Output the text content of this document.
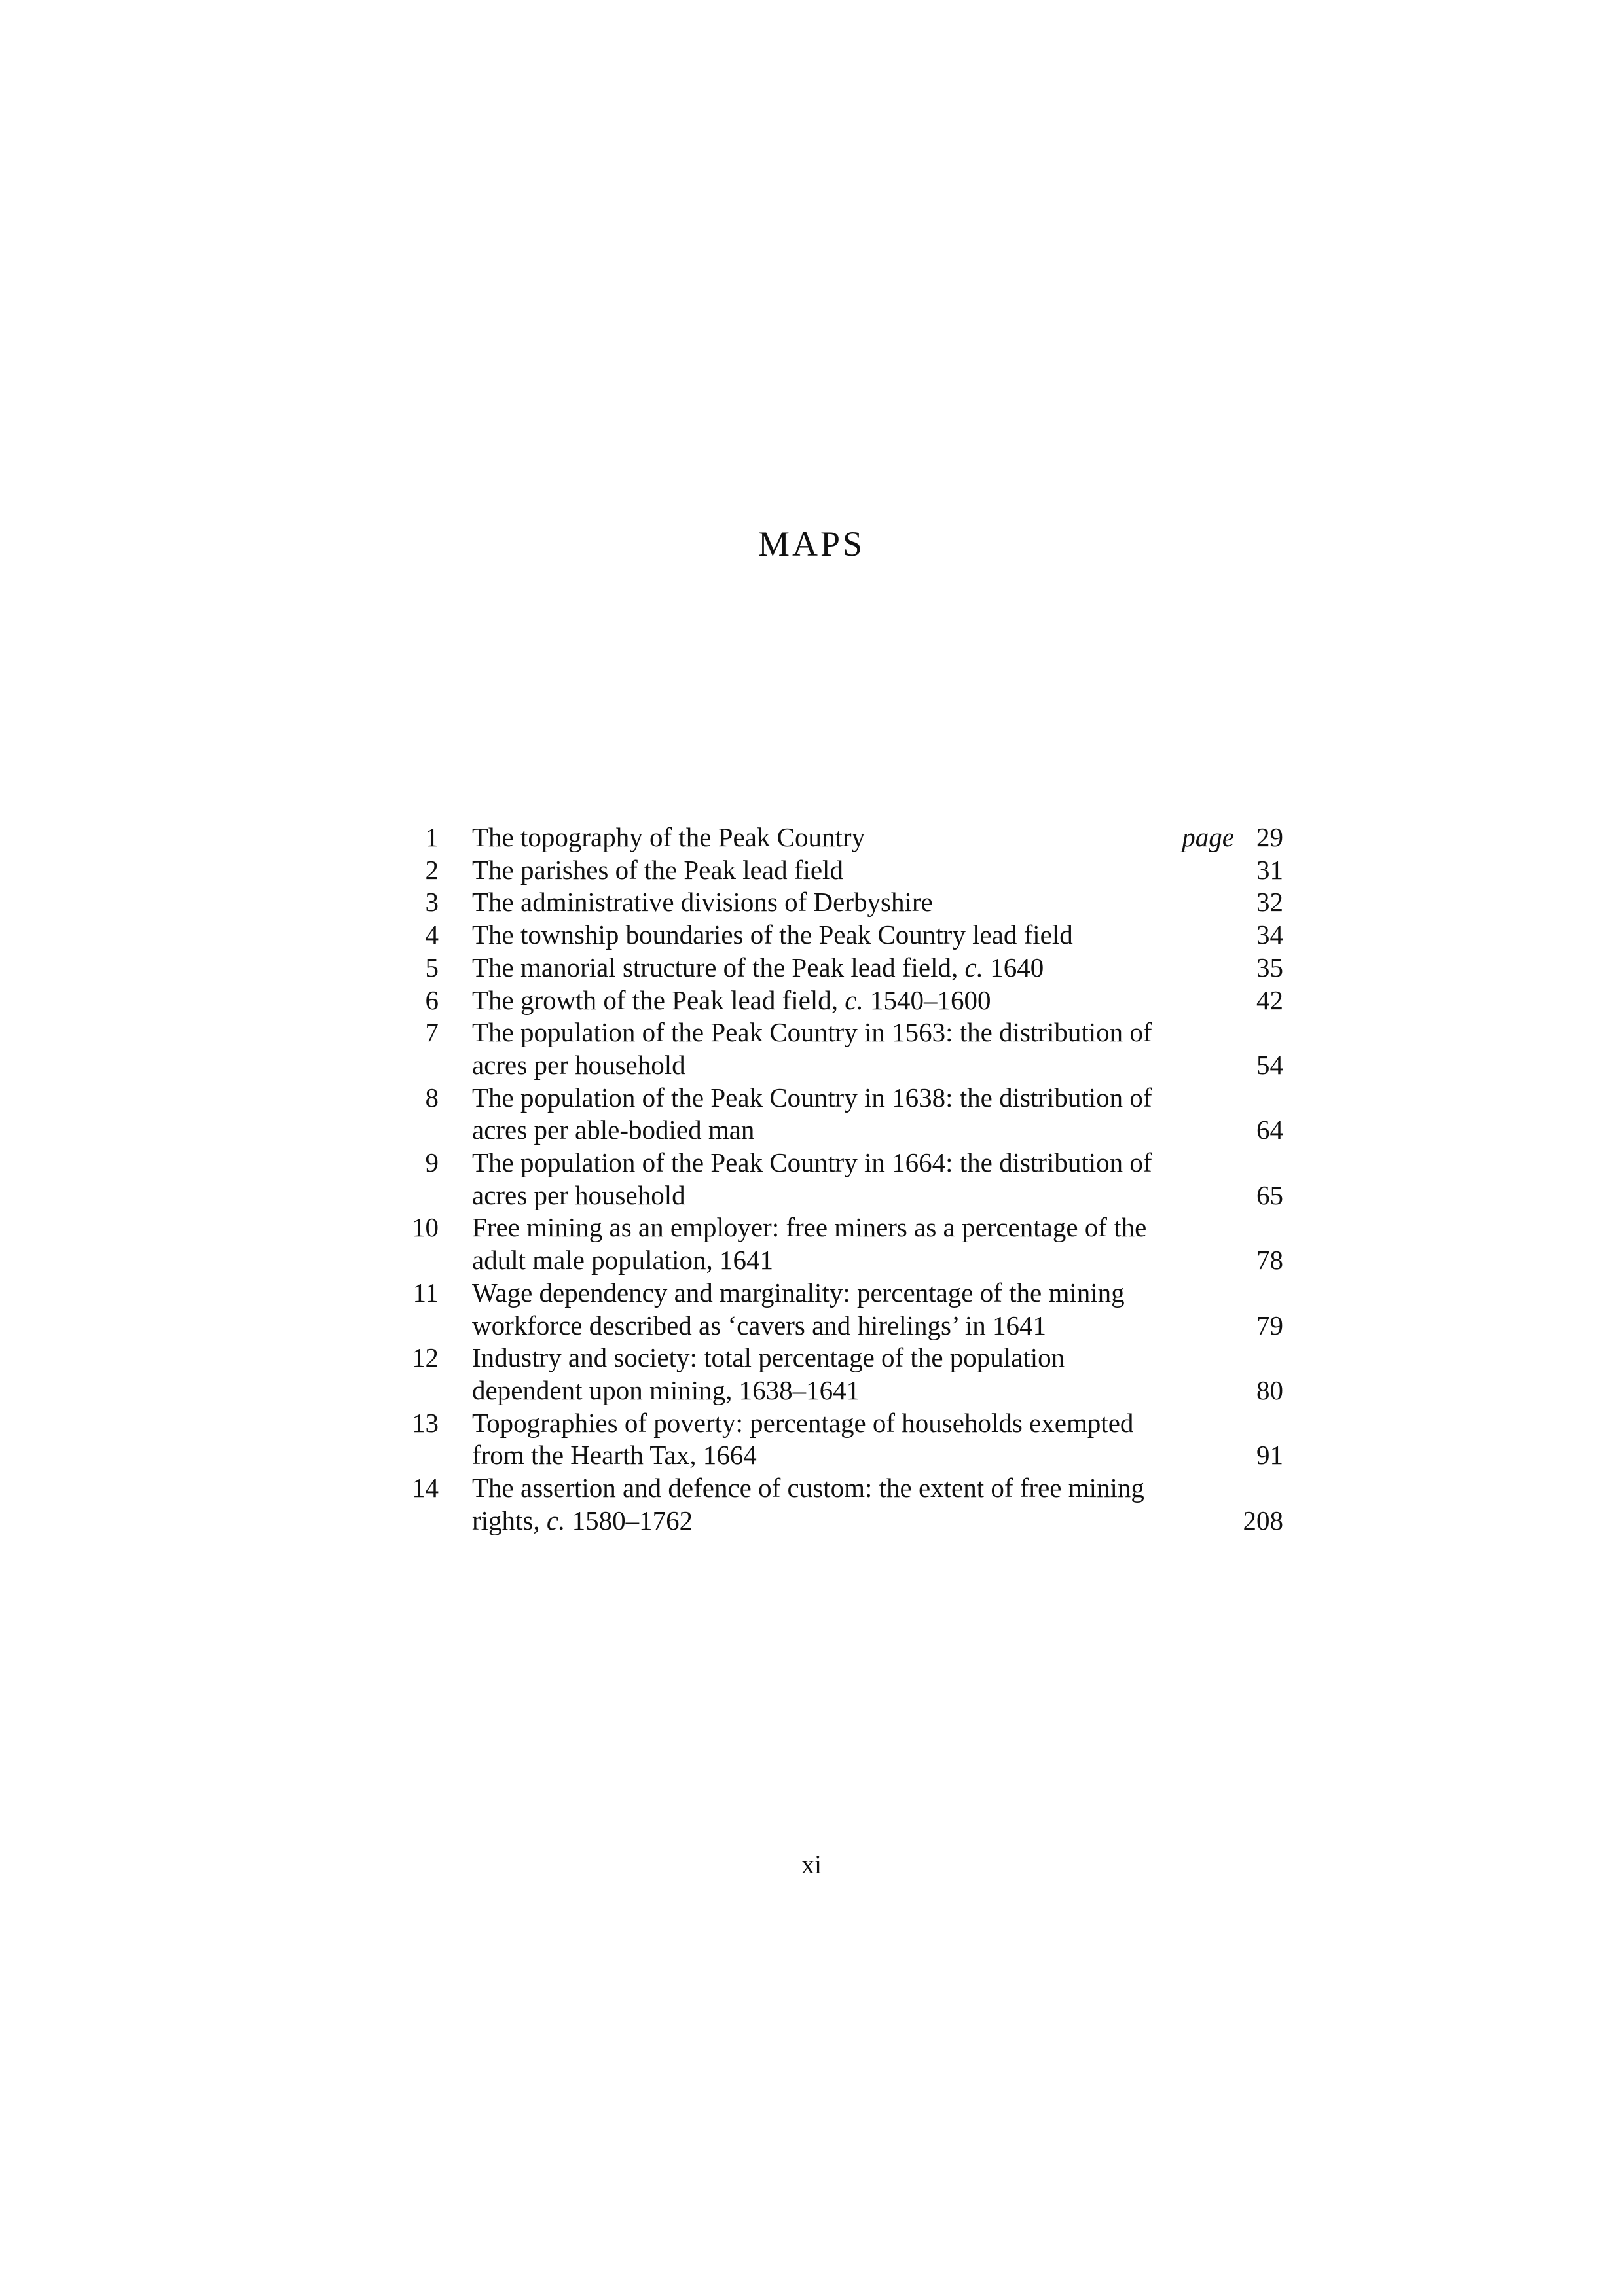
MAPS
1 The topography of the Peak Country	page 29
2 The parishes of the Peak lead field	31
3 The administrative divisions of Derbyshire	32
4 The township boundaries of the Peak Country lead field	34
5 The manorial structure of the Peak lead field, c. 1640	35
6 The growth of the Peak lead field, c. 1540–1600	42
7 The population of the Peak Country in 1563: the distribution of
acres per household	54
8 The population of the Peak Country in 1638: the distribution of
acres per able-bodied man	64
9 The population of the Peak Country in 1664: the distribution of
acres per household	65
10 Free mining as an employer: free miners as a percentage of the
adult male population, 1641	78
11 Wage dependency and marginality: percentage of the mining
workforce described as ‘cavers and hirelings’ in 1641	79
12 Industry and society: total percentage of the population
dependent upon mining, 1638–1641	80
13 Topographies of poverty: percentage of households exempted
from the Hearth Tax, 1664	91
14 The assertion and defence of custom: the extent of free mining
rights, c. 1580–1762	208
xi
